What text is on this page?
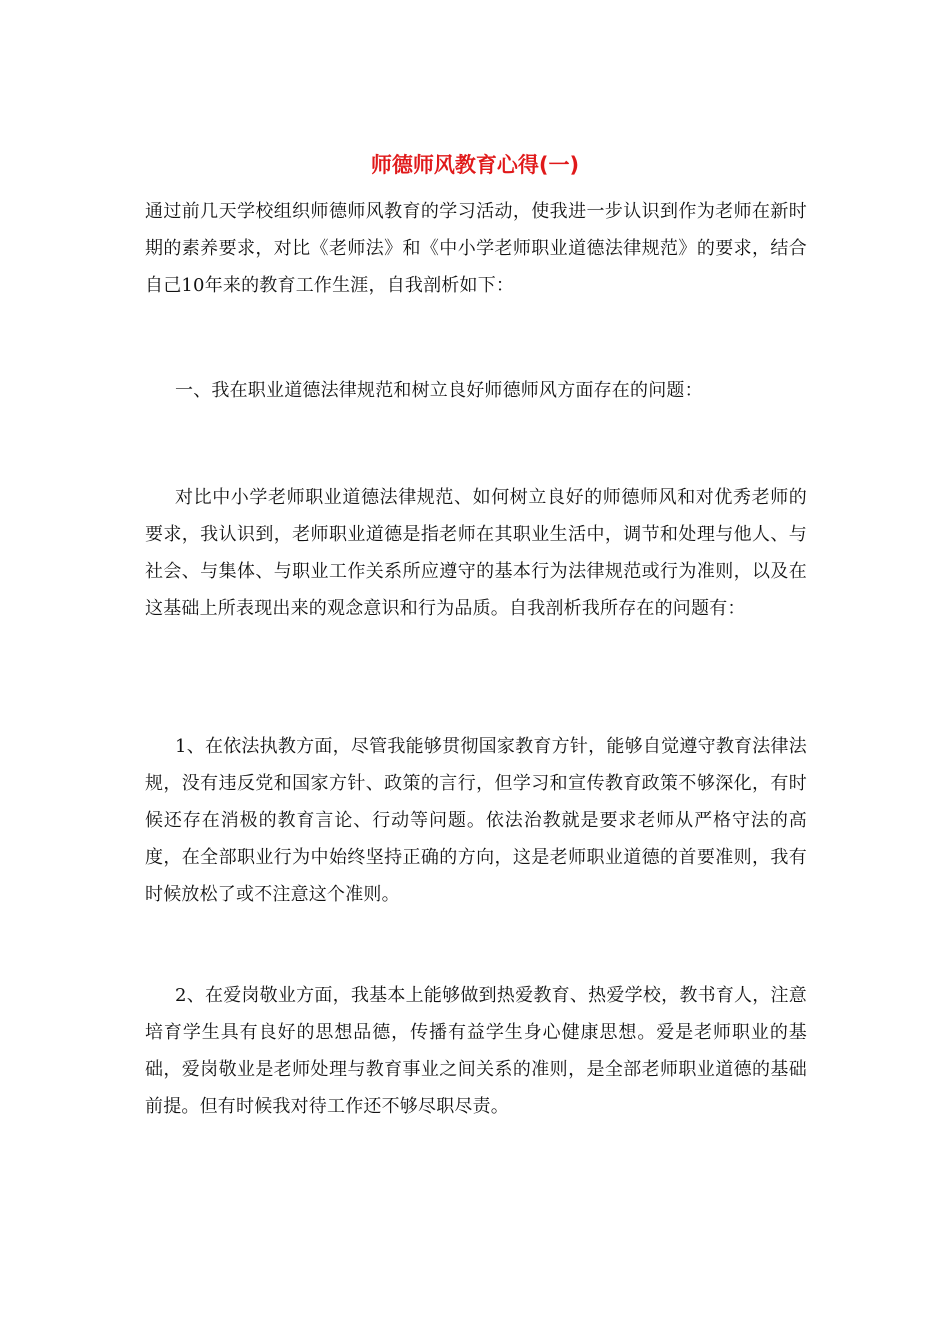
师德师风教育心得(一)

通过前几天学校组织师德师风教育的学习活动，使我进一步认识到作为老师在新时期的素养要求，对比《老师法》和《中小学老师职业道德法律规范》的要求，结合自己10年来的教育工作生涯，自我剖析如下：

一、我在职业道德法律规范和树立良好师德师风方面存在的问题：

对比中小学老师职业道德法律规范、如何树立良好的师德师风和对优秀老师的要求，我认识到，老师职业道德是指老师在其职业生活中，调节和处理与他人、与社会、与集体、与职业工作关系所应遵守的基本行为法律规范或行为准则，以及在这基础上所表现出来的观念意识和行为品质。自我剖析我所存在的问题有：

1、在依法执教方面，尽管我能够贯彻国家教育方针，能够自觉遵守教育法律法规，没有违反党和国家方针、政策的言行，但学习和宣传教育政策不够深化，有时候还存在消极的教育言论、行动等问题。依法治教就是要求老师从严格守法的高度，在全部职业行为中始终坚持正确的方向，这是老师职业道德的首要准则，我有时候放松了或不注意这个准则。

2、在爱岗敬业方面，我基本上能够做到热爱教育、热爱学校，教书育人，注意培育学生具有良好的思想品德，传播有益学生身心健康思想。爱是老师职业的基础，爱岗敬业是老师处理与教育事业之间关系的准则，是全部老师职业道德的基础前提。但有时候我对待工作还不够尽职尽责。
